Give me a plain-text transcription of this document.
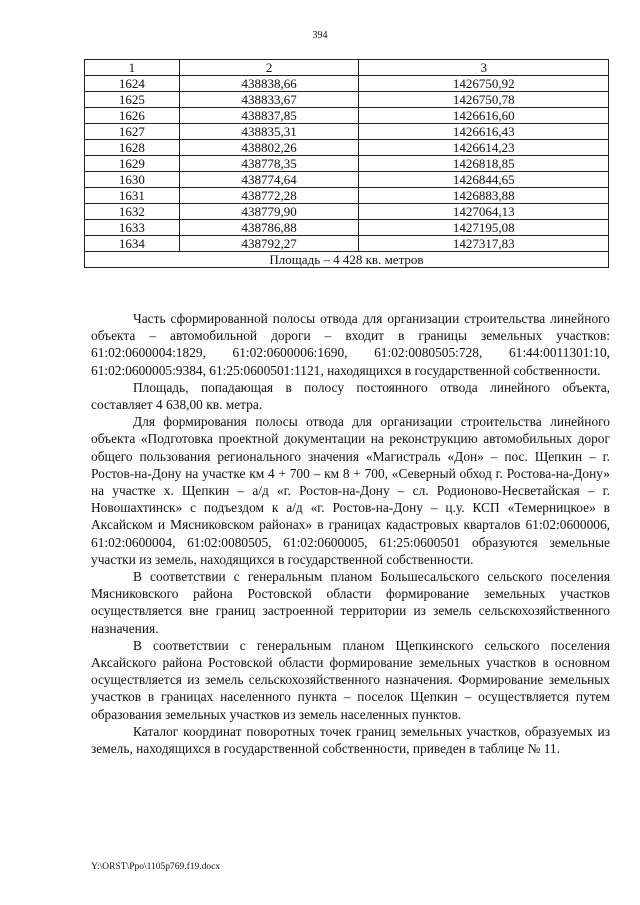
394
1	2	3
1624	438838,66	1426750,92
1625	438833,67	1426750,78
1626	438837,85	1426616,60
1627	438835,31	1426616,43
1628	438802,26	1426614,23
1629	438778,35	1426818,85
1630	438774,64	1426844,65
1631	438772,28	1426883,88
1632	438779,90	1427064,13
1633	438786,88	1427195,08
1634	438792,27	1427317,83
Площадь – 4 428 кв. метров		

Часть сформированной полосы отвода для организации строительства линейного объекта – автомобильной дороги – входит в границы земельных участков: 61:02:0600004:1829, 61:02:0600006:1690, 61:02:0080505:728, 61:44:0011301:10, 61:02:0600005:9384, 61:25:0600501:1121, находящихся в государственной собственности.

Площадь, попадающая в полосу постоянного отвода линейного объекта, составляет 4 638,00 кв. метра.

Для формирования полосы отвода для организации строительства линейного объекта «Подготовка проектной документации на реконструкцию автомобильных дорог общего пользования регионального значения «Магистраль «Дон» – пос. Щепкин – г. Ростов-на-Дону на участке км 4 + 700 – км 8 + 700, «Северный обход г. Ростова-на-Дону» на участке х. Щепкин – а/д «г. Ростов-на-Дону – сл. Родионово-Несветайская – г. Новошахтинск» с подъездом к а/д «г. Ростов-на-Дону – ц.у. КСП «Темерницкое» в Аксайском и Мясниковском районах» в границах кадастровых кварталов 61:02:0600006, 61:02:0600004, 61:02:0080505, 61:02:0600005, 61:25:0600501 образуются земельные участки из земель, находящихся в государственной собственности.

В соответствии с генеральным планом Большесальского сельского поселения Мясниковского района Ростовской области формирование земельных участков осуществляется вне границ застроенной территории из земель сельскохозяйственного назначения.

В соответствии с генеральным планом Щепкинского сельского поселения Аксайского района Ростовской области формирование земельных участков в основном осуществляется из земель сельскохозяйственного назначения. Формирование земельных участков в границах населенного пункта – поселок Щепкин – осуществляется путем образования земельных участков из земель населенных пунктов.

Каталог координат поворотных точек границ земельных участков, образуемых из земель, находящихся в государственной собственности, приведен в таблице № 11.

Y:\ORST\Ppo\1105p769.f19.docx
